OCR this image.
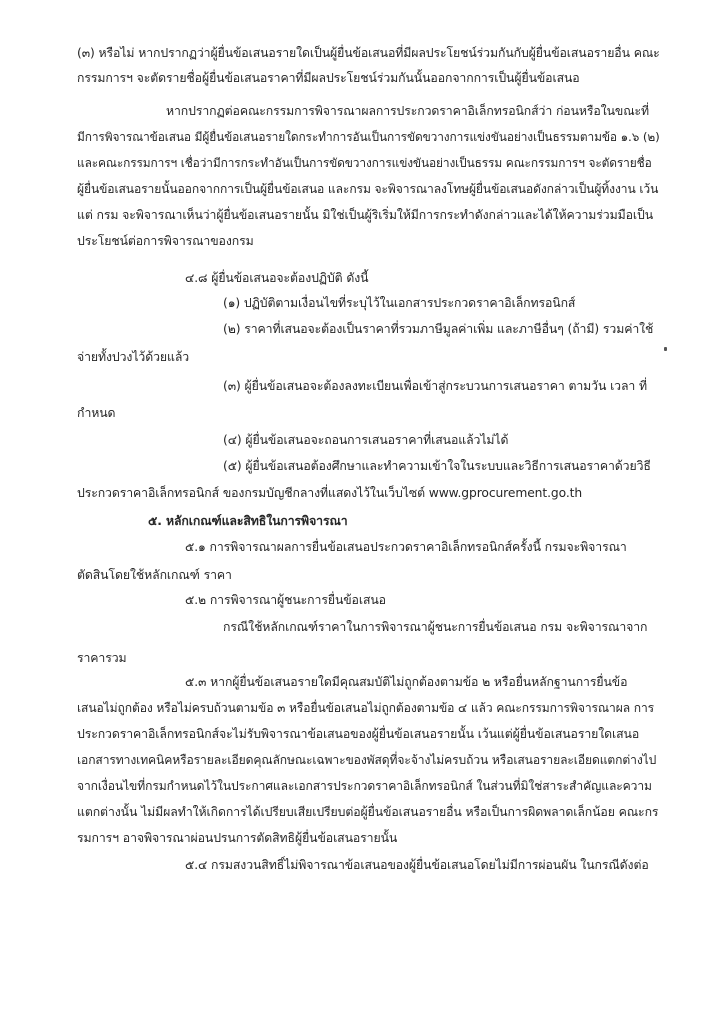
(๓) หรือไม่ หากปรากฏว่าผู้ยื่นข้อเสนอรายใดเป็นผู้ยื่นข้อเสนอที่มีผลประโยชน์ร่วมกันกับผู้ยื่นข้อเสนอรายอื่น คณะ
กรรมการฯ จะตัดรายชื่อผู้ยื่นข้อเสนอราคาที่มีผลประโยชน์ร่วมกันนั้นออกจากการเป็นผู้ยื่นข้อเสนอ
หากปรากฏต่อคณะกรรมการพิจารณาผลการประกวดราคาอิเล็กทรอนิกส์ว่า ก่อนหรือในขณะที่
มีการพิจารณาข้อเสนอ มีผู้ยื่นข้อเสนอรายใดกระทำการอันเป็นการขัดขวางการแข่งขันอย่างเป็นธรรมตามข้อ ๑.๖ (๒)
และคณะกรรมการฯ เชื่อว่ามีการกระทำอันเป็นการขัดขวางการแข่งขันอย่างเป็นธรรม คณะกรรมการฯ จะตัดรายชื่อ
ผู้ยื่นข้อเสนอรายนั้นออกจากการเป็นผู้ยื่นข้อเสนอ และกรม จะพิจารณาลงโทษผู้ยื่นข้อเสนอดังกล่าวเป็นผู้ทิ้งงาน เว้น
แต่ กรม จะพิจารณาเห็นว่าผู้ยื่นข้อเสนอรายนั้น มิใช่เป็นผู้ริเริ่มให้มีการกระทำดังกล่าวและได้ให้ความร่วมมือเป็น
ประโยชน์ต่อการพิจารณาของกรม
๔.๘ ผู้ยื่นข้อเสนอจะต้องปฏิบัติ ดังนี้
(๑) ปฏิบัติตามเงื่อนไขที่ระบุไว้ในเอกสารประกวดราคาอิเล็กทรอนิกส์
(๒) ราคาที่เสนอจะต้องเป็นราคาที่รวมภาษีมูลค่าเพิ่ม และภาษีอื่นๆ (ถ้ามี) รวมค่าใช้
จ่ายทั้งปวงไว้ด้วยแล้ว
(๓) ผู้ยื่นข้อเสนอจะต้องลงทะเบียนเพื่อเข้าสู่กระบวนการเสนอราคา ตามวัน เวลา ที่
กำหนด
(๔) ผู้ยื่นข้อเสนอจะถอนการเสนอราคาที่เสนอแล้วไม่ได้
(๕) ผู้ยื่นข้อเสนอต้องศึกษาและทำความเข้าใจในระบบและวิธีการเสนอราคาด้วยวิธี
ประกวดราคาอิเล็กทรอนิกส์ ของกรมบัญชีกลางที่แสดงไว้ในเว็บไซต์ www.gprocurement.go.th
๕. หลักเกณฑ์และสิทธิในการพิจารณา
๕.๑ การพิจารณาผลการยื่นข้อเสนอประกวดราคาอิเล็กทรอนิกส์ครั้งนี้ กรมจะพิจารณา
ตัดสินโดยใช้หลักเกณฑ์ ราคา
๕.๒ การพิจารณาผู้ชนะการยื่นข้อเสนอ
กรณีใช้หลักเกณฑ์ราคาในการพิจารณาผู้ชนะการยื่นข้อเสนอ กรม จะพิจารณาจาก
ราคารวม
๕.๓ หากผู้ยื่นข้อเสนอรายใดมีคุณสมบัติไม่ถูกต้องตามข้อ ๒ หรือยื่นหลักฐานการยื่นข้อ
เสนอไม่ถูกต้อง หรือไม่ครบถ้วนตามข้อ ๓ หรือยื่นข้อเสนอไม่ถูกต้องตามข้อ ๔ แล้ว คณะกรรมการพิจารณาผล การ
ประกวดราคาอิเล็กทรอนิกส์จะไม่รับพิจารณาข้อเสนอของผู้ยื่นข้อเสนอรายนั้น เว้นแต่ผู้ยื่นข้อเสนอรายใดเสนอ
เอกสารทางเทคนิคหรือรายละเอียดคุณลักษณะเฉพาะของพัสดุที่จะจ้างไม่ครบถ้วน หรือเสนอรายละเอียดแตกต่างไป
จากเงื่อนไขที่กรมกำหนดไว้ในประกาศและเอกสารประกวดราคาอิเล็กทรอนิกส์ ในส่วนที่มิใช่สาระสำคัญและความ
แตกต่างนั้น ไม่มีผลทำให้เกิดการได้เปรียบเสียเปรียบต่อผู้ยื่นข้อเสนอรายอื่น หรือเป็นการผิดพลาดเล็กน้อย คณะกร
รมการฯ อาจพิจารณาผ่อนปรนการตัดสิทธิผู้ยื่นข้อเสนอรายนั้น
๕.๔ กรมสงวนสิทธิ์ไม่พิจารณาข้อเสนอของผู้ยื่นข้อเสนอโดยไม่มีการผ่อนผัน ในกรณีดังต่อ
